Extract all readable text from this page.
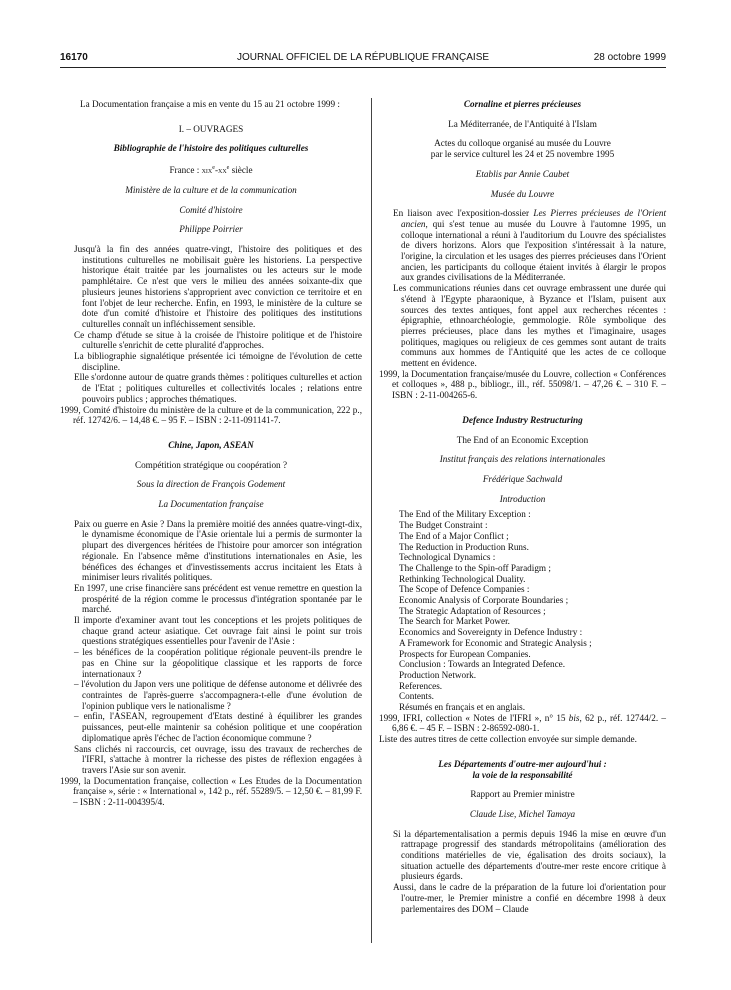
16170	JOURNAL OFFICIEL DE LA RÉPUBLIQUE FRANÇAISE	28 octobre 1999

La Documentation française a mis en vente du 15 au 21 octobre 1999 :

I. – OUVRAGES

Bibliographie de l'histoire des politiques culturelles

France : $xix^e-xx^e$ siècle

Ministère de la culture et de la communication

Comité d'histoire

Philippe Poirrier

Jusqu'à la fin des années quatre-vingt, l'histoire des politiques et des institutions culturelles ne mobilisait guère les historiens. La perspective historique était traitée par les journalistes ou les acteurs sur le mode pamphlétaire. Ce n'est que vers le milieu des années soixante-dix que plusieurs jeunes historiens s'approprient avec conviction ce territoire et en font l'objet de leur recherche. Enfin, en 1993, le ministère de la culture se dote d'un comité d'histoire et l'histoire des politiques des institutions culturelles connaît un infléchissement sensible.

Ce champ d'étude se situe à la croisée de l'histoire politique et de l'histoire culturelle s'enrichit de cette pluralité d'approches.

La bibliographie signalétique présentée ici témoigne de l'évolution de cette discipline.

Elle s'ordonne autour de quatre grands thèmes : politiques culturelles et action de l'Etat ; politiques culturelles et collectivités locales ; relations entre pouvoirs publics ; approches thématiques.

1999, Comité d'histoire du ministère de la culture et de la communication, 222 p., réf. 12742/6. – 14,48 €. – 95 F. – ISBN : 2-11-091141-7.

Chine, Japon, ASEAN

Compétition stratégique ou coopération ?

Sous la direction de François Godement

La Documentation française

Paix ou guerre en Asie ? Dans la première moitié des années quatre-vingt-dix, le dynamisme économique de l'Asie orientale lui a permis de surmonter la plupart des divergences héritées de l'histoire pour amorcer son intégration régionale. En l'absence même d'institutions internationales en Asie, les bénéfices des échanges et d'investissements accrus incitaient les Etats à minimiser leurs rivalités politiques.

En 1997, une crise financière sans précédent est venue remettre en question la prospérité de la région comme le processus d'intégration spontanée par le marché.

Il importe d'examiner avant tout les conceptions et les projets politiques de chaque grand acteur asiatique. Cet ouvrage fait ainsi le point sur trois questions stratégiques essentielles pour l'avenir de l'Asie :

– les bénéfices de la coopération politique régionale peuvent-ils prendre le pas en Chine sur la géopolitique classique et les rapports de force internationaux ?

– l'évolution du Japon vers une politique de défense autonome et délivrée des contraintes de l'après-guerre s'accompagnera-t-elle d'une évolution de l'opinion publique vers le nationalisme ?

– enfin, l'ASEAN, regroupement d'Etats destiné à équilibrer les grandes puissances, peut-elle maintenir sa cohésion politique et une coopération diplomatique après l'échec de l'action économique commune ?

Sans clichés ni raccourcis, cet ouvrage, issu des travaux de recherches de l'IFRI, s'attache à montrer la richesse des pistes de réflexion engagées à travers l'Asie sur son avenir.

1999, la Documentation française, collection « Les Etudes de la Documentation française », série : « International », 142 p., réf. 55289/5. – 12,50 €. – 81,99 F. – ISBN : 2-11-004395/4.

Cornaline et pierres précieuses

La Méditerranée, de l'Antiquité à l'Islam

Actes du colloque organisé au musée du Louvre

par le service culturel les 24 et 25 novembre 1995

Etablis par Annie Caubet

Musée du Louvre

En liaison avec l'exposition-dossier Les Pierres précieuses de l'Orient ancien, qui s'est tenue au musée du Louvre à l'automne 1995, un colloque international a réuni à l'auditorium du Louvre des spécialistes de divers horizons. Alors que l'exposition s'intéressait à la nature, l'origine, la circulation et les usages des pierres précieuses dans l'Orient ancien, les participants du colloque étaient invités à élargir le propos aux grandes civilisations de la Méditerranée.

Les communications réunies dans cet ouvrage embrassent une durée qui s'étend à l'Egypte pharaonique, à Byzance et l'Islam, puisent aux sources des textes antiques, font appel aux recherches récentes : épigraphie, ethnoarchéologie, gemmologie. Rôle symbolique des pierres précieuses, place dans les mythes et l'imaginaire, usages politiques, magiques ou religieux de ces gemmes sont autant de traits communs aux hommes de l'Antiquité que les actes de ce colloque mettent en évidence.

1999, la Documentation française/musée du Louvre, collection « Conférences et colloques », 488 p., bibliogr., ill., réf. 55098/1. – 47,26 €. – 310 F. – ISBN : 2-11-004265-6.

Defence Industry Restructuring

The End of an Economic Exception

Institut français des relations internationales

Frédérique Sachwald

Introduction

The End of the Military Exception :

The Budget Constraint :

The End of a Major Conflict ;

The Reduction in Production Runs.

Technological Dynamics :

The Challenge to the Spin-off Paradigm ;

Rethinking Technological Duality.

The Scope of Defence Companies :

Economic Analysis of Corporate Boundaries ;

The Strategic Adaptation of Resources ;

The Search for Market Power.

Economics and Sovereignty in Defence Industry :

A Framework for Economic and Strategic Analysis ;

Prospects for European Companies.

Conclusion : Towards an Integrated Defence.

Production Network.

References.

Contents.

Résumés en français et en anglais.

1999, IFRI, collection « Notes de l'IFRI », n° 15 bis, 62 p., réf. 12744/2. – 6,86 €. – 45 F. – ISBN : 2-86592-080-1.

Liste des autres titres de cette collection envoyée sur simple demande.

Les Départements d'outre-mer aujourd'hui :

la voie de la responsabilité

Rapport au Premier ministre

Claude Lise, Michel Tamaya

Si la départementalisation a permis depuis 1946 la mise en œuvre d'un rattrapage progressif des standards métropolitains (amélioration des conditions matérielles de vie, égalisation des droits sociaux), la situation actuelle des départements d'outre-mer reste encore critique à plusieurs égards.

Aussi, dans le cadre de la préparation de la future loi d'orientation pour l'outre-mer, le Premier ministre a confié en décembre 1998 à deux parlementaires des DOM – Claude
